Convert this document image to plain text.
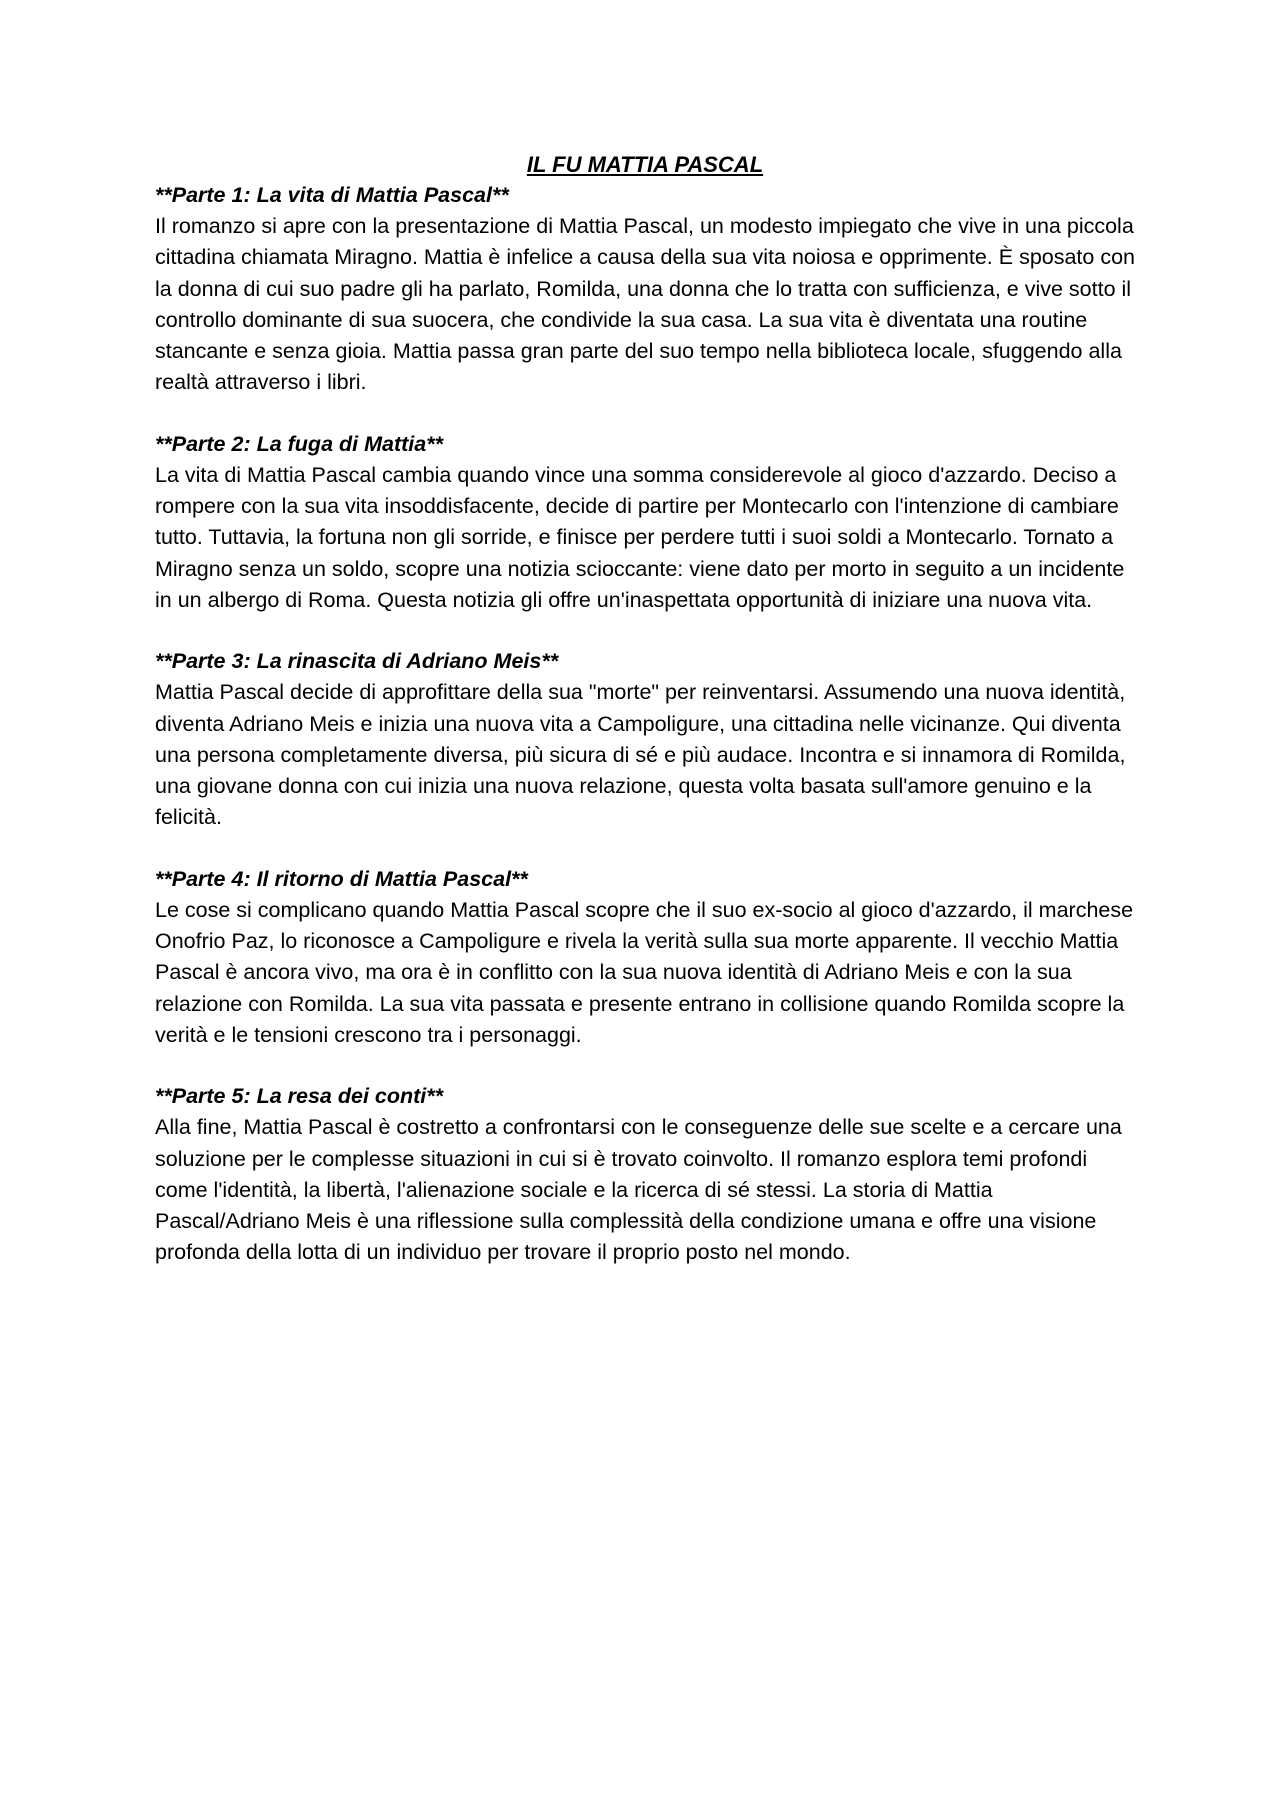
IL FU MATTIA PASCAL

**Parte 1: La vita di Mattia Pascal**

Il romanzo si apre con la presentazione di Mattia Pascal, un modesto impiegato che vive in una piccola cittadina chiamata Miragno. Mattia è infelice a causa della sua vita noiosa e opprimente. È sposato con la donna di cui suo padre gli ha parlato, Romilda, una donna che lo tratta con sufficienza, e vive sotto il controllo dominante di sua suocera, che condivide la sua casa. La sua vita è diventata una routine stancante e senza gioia. Mattia passa gran parte del suo tempo nella biblioteca locale, sfuggendo alla realtà attraverso i libri.

**Parte 2: La fuga di Mattia**

La vita di Mattia Pascal cambia quando vince una somma considerevole al gioco d'azzardo. Deciso a rompere con la sua vita insoddisfacente, decide di partire per Montecarlo con l'intenzione di cambiare tutto. Tuttavia, la fortuna non gli sorride, e finisce per perdere tutti i suoi soldi a Montecarlo. Tornato a Miragno senza un soldo, scopre una notizia scioccante: viene dato per morto in seguito a un incidente in un albergo di Roma. Questa notizia gli offre un'inaspettata opportunità di iniziare una nuova vita.

**Parte 3: La rinascita di Adriano Meis**

Mattia Pascal decide di approfittare della sua "morte" per reinventarsi. Assumendo una nuova identità, diventa Adriano Meis e inizia una nuova vita a Campoligure, una cittadina nelle vicinanze. Qui diventa una persona completamente diversa, più sicura di sé e più audace. Incontra e si innamora di Romilda, una giovane donna con cui inizia una nuova relazione, questa volta basata sull'amore genuino e la felicità.

**Parte 4: Il ritorno di Mattia Pascal**

Le cose si complicano quando Mattia Pascal scopre che il suo ex-socio al gioco d'azzardo, il marchese Onofrio Paz, lo riconosce a Campoligure e rivela la verità sulla sua morte apparente. Il vecchio Mattia Pascal è ancora vivo, ma ora è in conflitto con la sua nuova identità di Adriano Meis e con la sua relazione con Romilda. La sua vita passata e presente entrano in collisione quando Romilda scopre la verità e le tensioni crescono tra i personaggi.

**Parte 5: La resa dei conti**

Alla fine, Mattia Pascal è costretto a confrontarsi con le conseguenze delle sue scelte e a cercare una soluzione per le complesse situazioni in cui si è trovato coinvolto. Il romanzo esplora temi profondi come l'identità, la libertà, l'alienazione sociale e la ricerca di sé stessi. La storia di Mattia Pascal/Adriano Meis è una riflessione sulla complessità della condizione umana e offre una visione profonda della lotta di un individuo per trovare il proprio posto nel mondo.
